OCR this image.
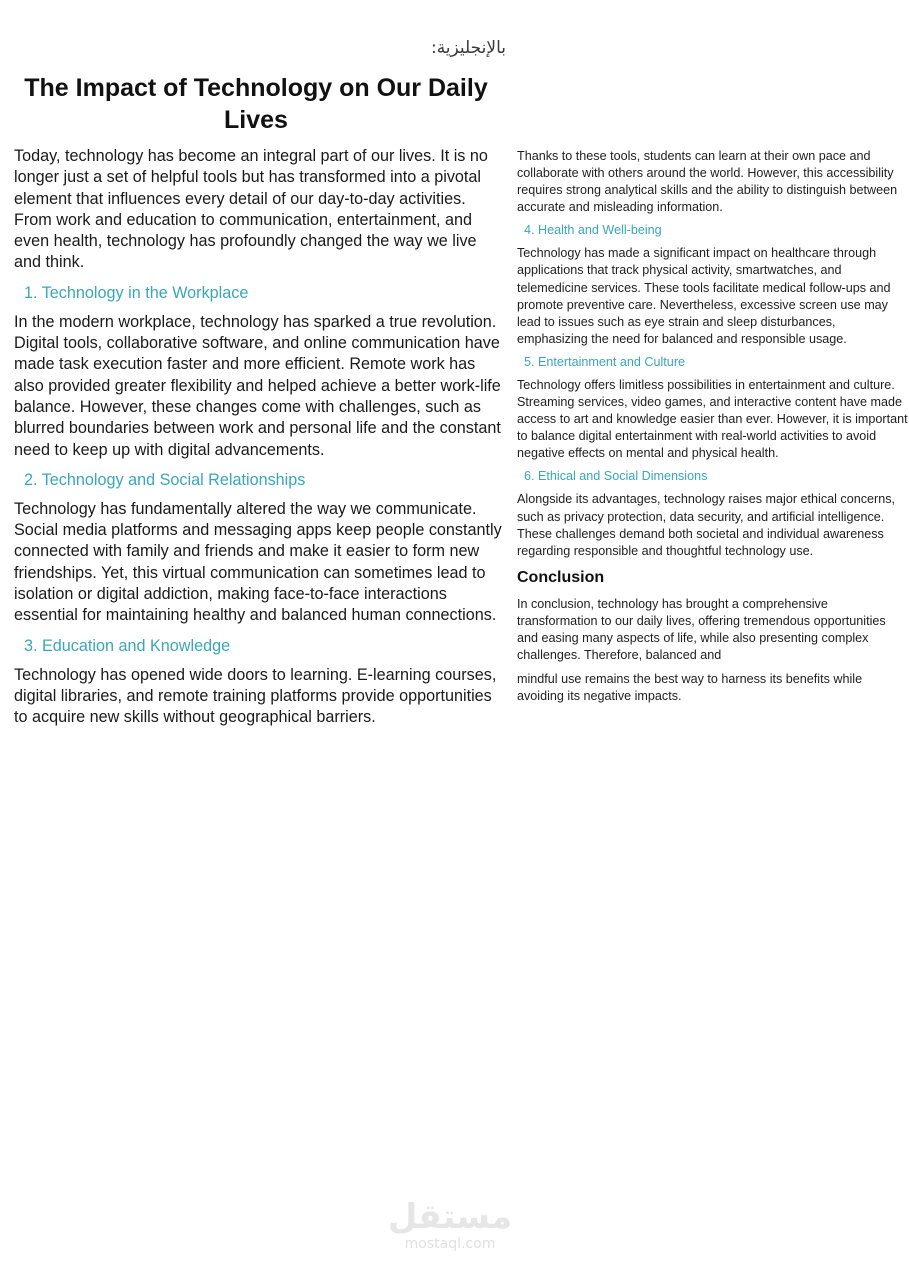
بالإنجليزية:
The Impact of Technology on Our Daily Lives

Today, technology has become an integral part of our lives. It is no longer just a set of helpful tools but has transformed into a pivotal element that influences every detail of our day-to-day activities. From work and education to communication, entertainment, and even health, technology has profoundly changed the way we live and think.

1. Technology in the Workplace

In the modern workplace, technology has sparked a true revolution. Digital tools, collaborative software, and online communication have made task execution faster and more efficient. Remote work has also provided greater flexibility and helped achieve a better work-life balance. However, these changes come with challenges, such as blurred boundaries between work and personal life and the constant need to keep up with digital advancements.

2. Technology and Social Relationships

Technology has fundamentally altered the way we communicate. Social media platforms and messaging apps keep people constantly connected with family and friends and make it easier to form new friendships. Yet, this virtual communication can sometimes lead to isolation or digital addiction, making face-to-face interactions essential for maintaining healthy and balanced human connections.

3. Education and Knowledge

Technology has opened wide doors to learning. E-learning courses, digital libraries, and remote training platforms provide opportunities to acquire new skills without geographical barriers.

Thanks to these tools, students can learn at their own pace and collaborate with others around the world. However, this accessibility requires strong analytical skills and the ability to distinguish between accurate and misleading information.

4. Health and Well-being

Technology has made a significant impact on healthcare through applications that track physical activity, smartwatches, and telemedicine services. These tools facilitate medical follow-ups and promote preventive care. Nevertheless, excessive screen use may lead to issues such as eye strain and sleep disturbances, emphasizing the need for balanced and responsible usage.

5. Entertainment and Culture

Technology offers limitless possibilities in entertainment and culture. Streaming services, video games, and interactive content have made access to art and knowledge easier than ever. However, it is important to balance digital entertainment with real-world activities to avoid negative effects on mental and physical health.

6. Ethical and Social Dimensions

Alongside its advantages, technology raises major ethical concerns, such as privacy protection, data security, and artificial intelligence. These challenges demand both societal and individual awareness regarding responsible and thoughtful technology use.

Conclusion

In conclusion, technology has brought a comprehensive transformation to our daily lives, offering tremendous opportunities and easing many aspects of life, while also presenting complex challenges. Therefore, balanced and

mindful use remains the best way to harness its benefits while avoiding its negative impacts.

مستقل
mostaql.com
